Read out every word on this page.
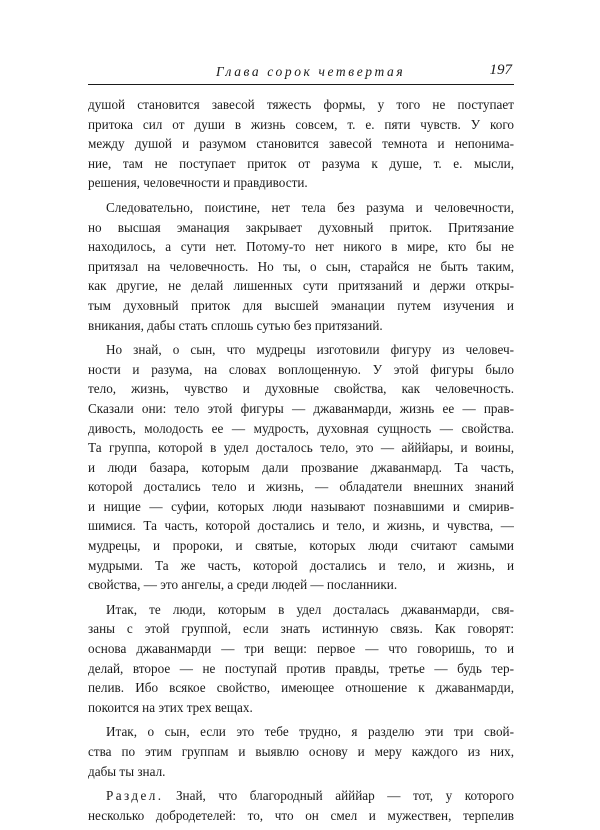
Глава сорок четвертая	197
душой становится завесой тяжесть формы, у того не поступает
притока сил от души в жизнь совсем, т. е. пяти чувств. У кого
между душой и разумом становится завесой темнота и непонима-
ние, там не поступает приток от разума к душе, т. е. мысли,
решения, человечности и правдивости.
Следовательно, поистине, нет тела без разума и человечности,
но высшая эманация закрывает духовный приток. Притязание
находилось, а сути нет. Потому-то нет никого в мире, кто бы не
притязал на человечность. Но ты, о сын, старайся не быть таким,
как другие, не делай лишенных сути притязаний и держи откры-
тым духовный приток для высшей эманации путем изучения и
вникания, дабы стать сплошь сутью без притязаний.
Но знай, о сын, что мудрецы изготовили фигуру из человеч-
ности и разума, на словах воплощенную. У этой фигуры было
тело, жизнь, чувство и духовные свойства, как человечность.
Сказали они: тело этой фигуры — джаванмарди, жизнь ее — прав-
дивость, молодость ее — мудрость, духовная сущность — свойства.
Та группа, которой в удел досталось тело, это — айййары, и воины,
и люди базара, которым дали прозвание джаванмард. Та часть,
которой достались тело и жизнь, — обладатели внешних знаний
и нищие — суфии, которых люди называют познавшими и смирив-
шимися. Та часть, которой достались и тело, и жизнь, и чувства, —
мудрецы, и пророки, и святые, которых люди считают самыми
мудрыми. Та же часть, которой достались и тело, и жизнь, и
свойства, — это ангелы, а среди людей — посланники.
Итак, те люди, которым в удел досталась джаванмарди, свя-
заны с этой группой, если знать истинную связь. Как говорят:
основа джаванмарди — три вещи: первое — что говоришь, то и
делай, второе — не поступай против правды, третье — будь тер-
пелив. Ибо всякое свойство, имеющее отношение к джаванмарди,
покоится на этих трех вещах.
Итак, о сын, если это тебе трудно, я разделю эти три свой-
ства по этим группам и выявлю основу и меру каждого из них,
дабы ты знал.
Раздел. Знай, что благородный айййар — тот, у которого
несколько добродетелей: то, что он смел и мужествен, терпелив
